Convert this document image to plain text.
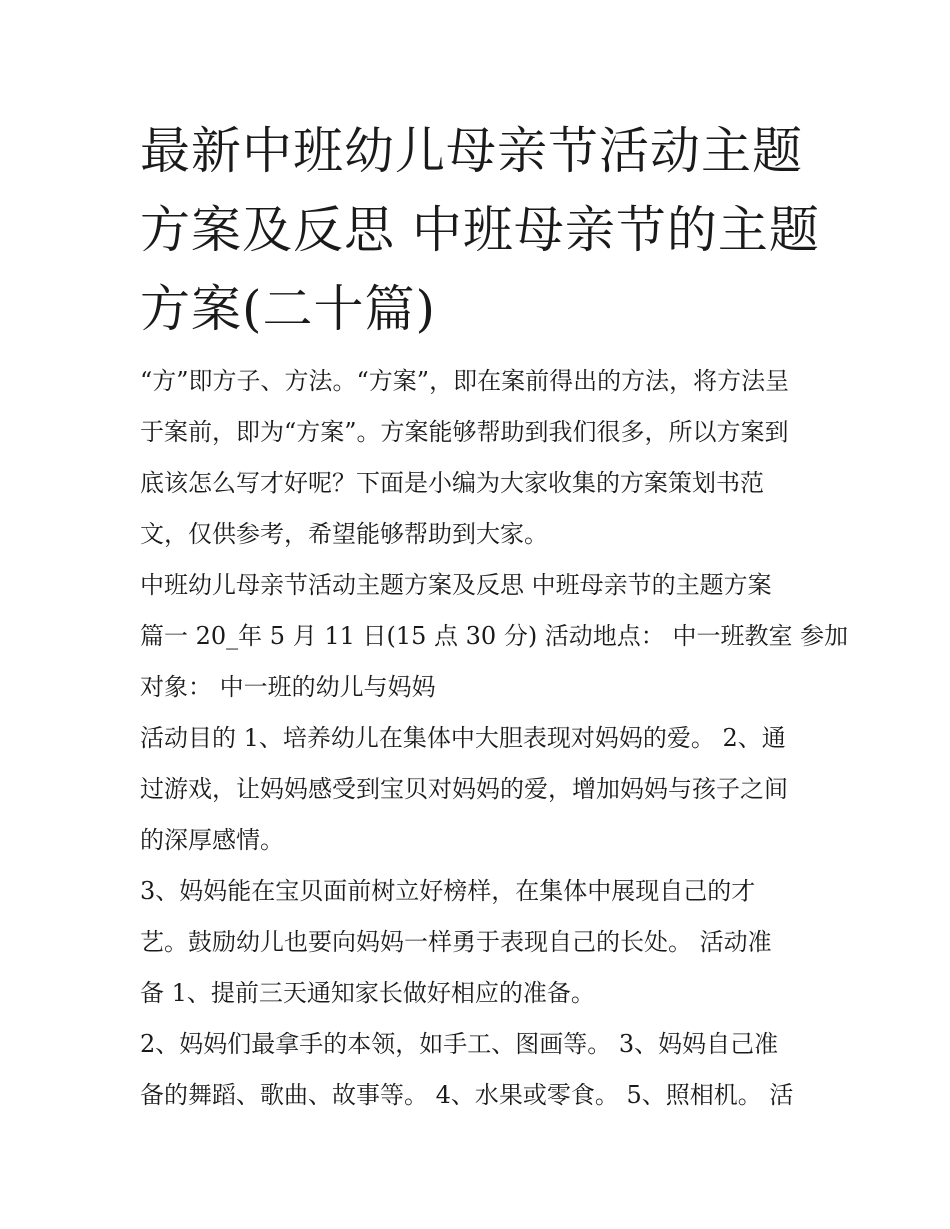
最新中班幼儿母亲节活动主题
方案及反思 中班母亲节的主题
方案(二十篇)

“方”即方子、方法。“方案”，即在案前得出的方法，将方法呈
于案前，即为“方案”。方案能够帮助到我们很多，所以方案到
底该怎么写才好呢？下面是小编为大家收集的方案策划书范
文，仅供参考，希望能够帮助到大家。

中班幼儿母亲节活动主题方案及反思 中班母亲节的主题方案
篇一 20_年 5 月 11 日(15 点 30 分) 活动地点： 中一班教室 参加
对象： 中一班的幼儿与妈妈

活动目的 1、培养幼儿在集体中大胆表现对妈妈的爱。 2、通
过游戏，让妈妈感受到宝贝对妈妈的爱，增加妈妈与孩子之间
的深厚感情。

3、妈妈能在宝贝面前树立好榜样，在集体中展现自己的才
艺。鼓励幼儿也要向妈妈一样勇于表现自己的长处。 活动准
备 1、提前三天通知家长做好相应的准备。

2、妈妈们最拿手的本领，如手工、图画等。 3、妈妈自己准
备的舞蹈、歌曲、故事等。 4、水果或零食。 5、照相机。 活
